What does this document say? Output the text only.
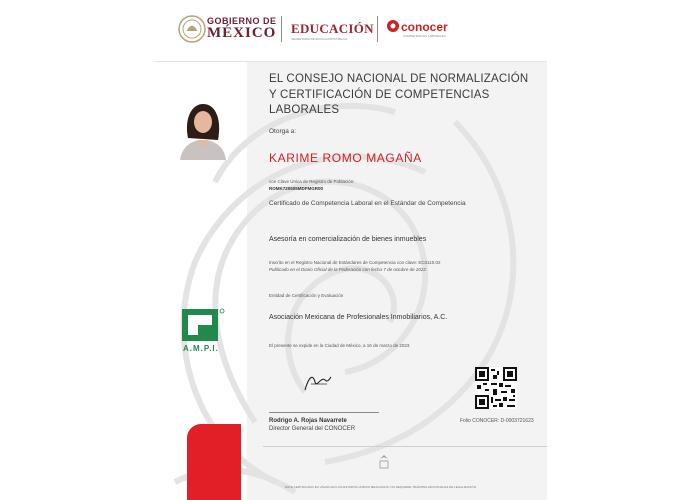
GOBIERNO DE
MÉXICO EDUCACIÓN
SECRETARÍA DE EDUCACIÓN PÚBLICA
conocer
COMPETENCIAS LABORALES
EL CONSEJO NACIONAL DE NORMALIZACIÓN Y CERTIFICACIÓN DE COMPETENCIAS LABORALES
Otorga a:
KARIME ROMO MAGAÑA
con Clave Única de Registro de Población:
ROMK720505MDFMGR00
Certificado de Competencia Laboral en el Estándar de Competencia
Asesoría en comercialización de bienes inmuebles
Inscrito en el Registro Nacional de Estándares de Competencia con clave: EC0110.02
Publicado en el Diario Oficial de la Federación con fecha 7 de octubre de 2022
Entidad de Certificación y Evaluación
Asociación Mexicana de Profesionales Inmobiliarios, A.C.
El presente se expide en la Ciudad de México, a 16 de marzo de 2023
A.M.P.I.
Rodrigo A. Rojas Navarrete
Director General del CONOCER
Folio CONOCER: D-0003721623
ESTE CERTIFICADO ES VÁLIDO EN LOS ESTADOS UNIDOS MEXICANOS, NO REQUIERE TRÁMITES ADICIONALES DE LEGALIZACIÓN
